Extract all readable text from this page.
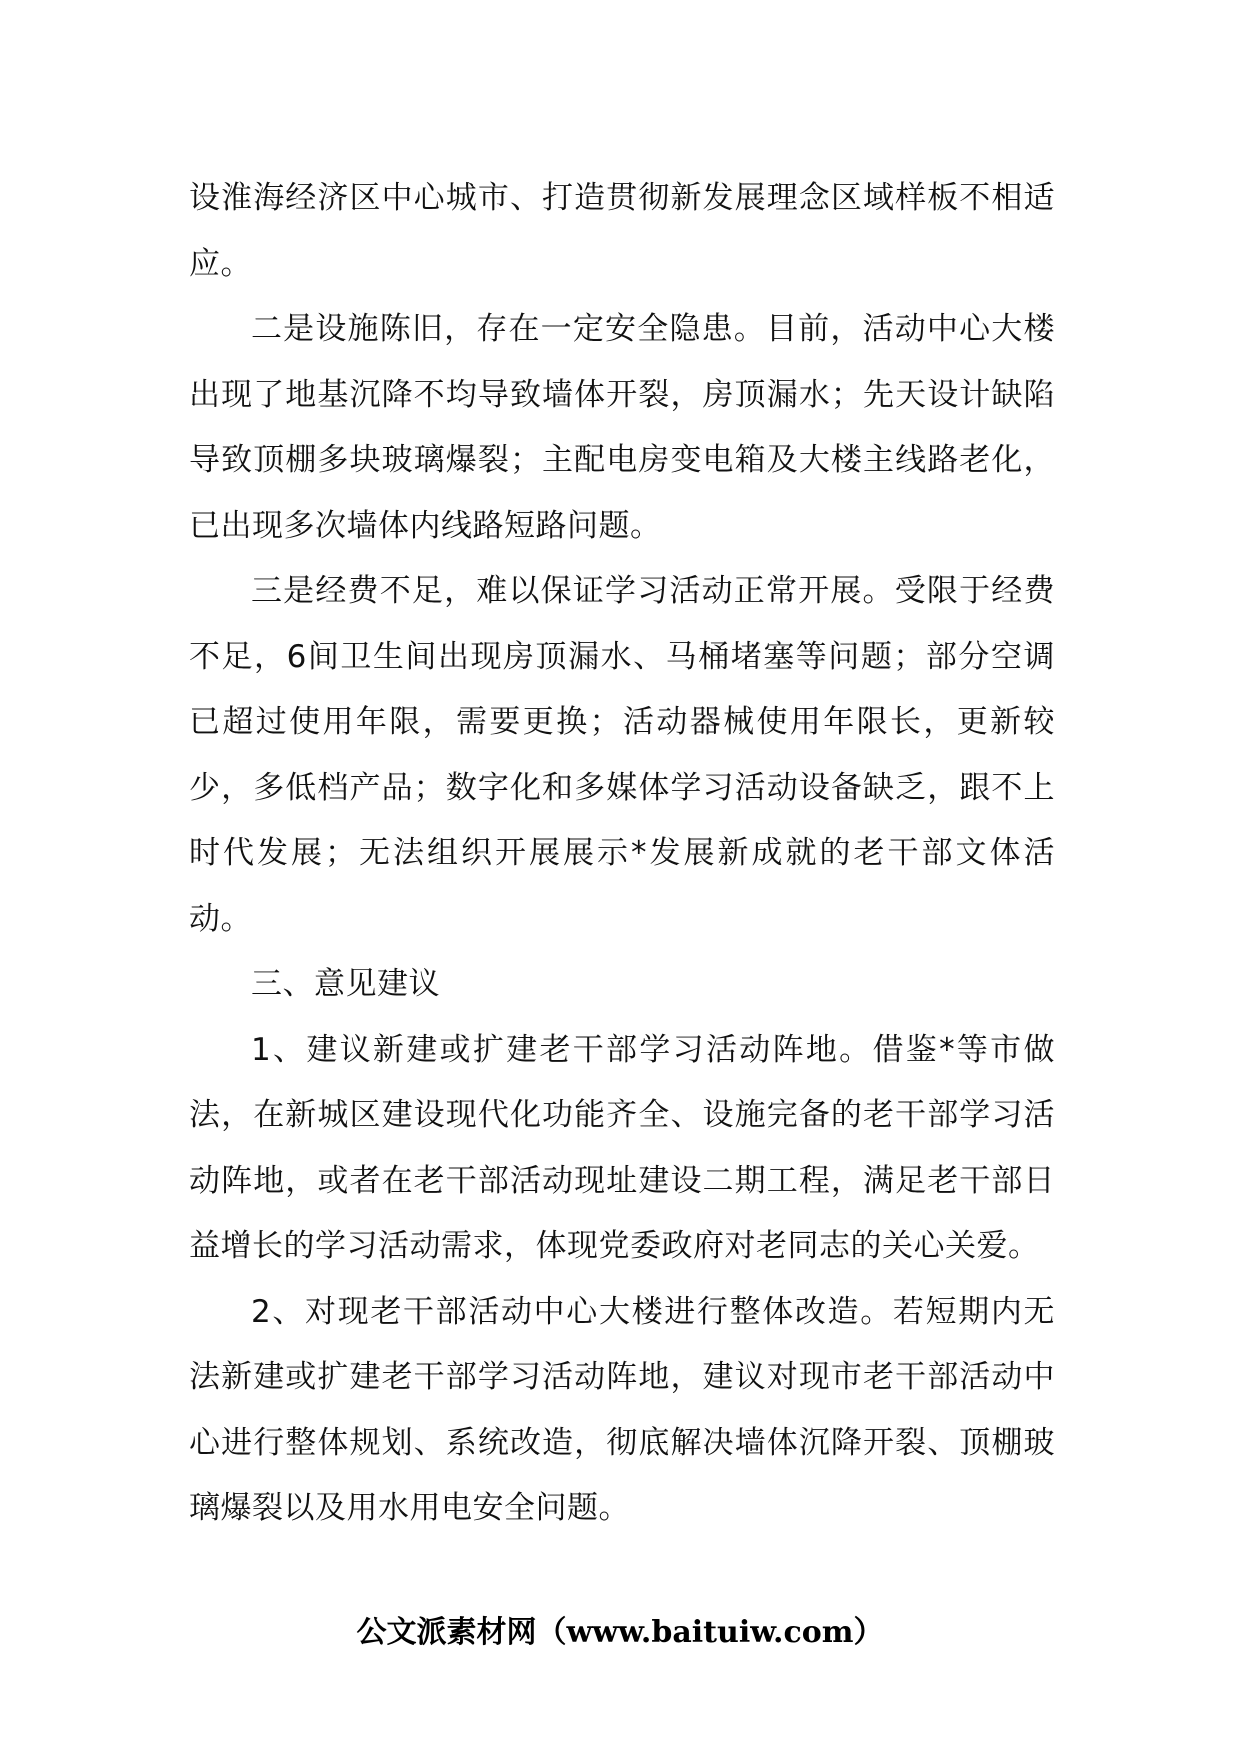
设淮海经济区中心城市、打造贯彻新发展理念区域样板不相适应。

二是设施陈旧，存在一定安全隐患。目前，活动中心大楼出现了地基沉降不均导致墙体开裂，房顶漏水；先天设计缺陷导致顶棚多块玻璃爆裂；主配电房变电箱及大楼主线路老化，已出现多次墙体内线路短路问题。

三是经费不足，难以保证学习活动正常开展。受限于经费不足，6间卫生间出现房顶漏水、马桶堵塞等问题；部分空调已超过使用年限，需要更换；活动器械使用年限长，更新较少，多低档产品；数字化和多媒体学习活动设备缺乏，跟不上时代发展；无法组织开展展示*发展新成就的老干部文体活动。

三、意见建议

1、建议新建或扩建老干部学习活动阵地。借鉴*等市做法，在新城区建设现代化功能齐全、设施完备的老干部学习活动阵地，或者在老干部活动现址建设二期工程，满足老干部日益增长的学习活动需求，体现党委政府对老同志的关心关爱。

2、对现老干部活动中心大楼进行整体改造。若短期内无法新建或扩建老干部学习活动阵地，建议对现市老干部活动中心进行整体规划、系统改造，彻底解决墙体沉降开裂、顶棚玻璃爆裂以及用水用电安全问题。

公文派素材网（www.baituiw.com）
